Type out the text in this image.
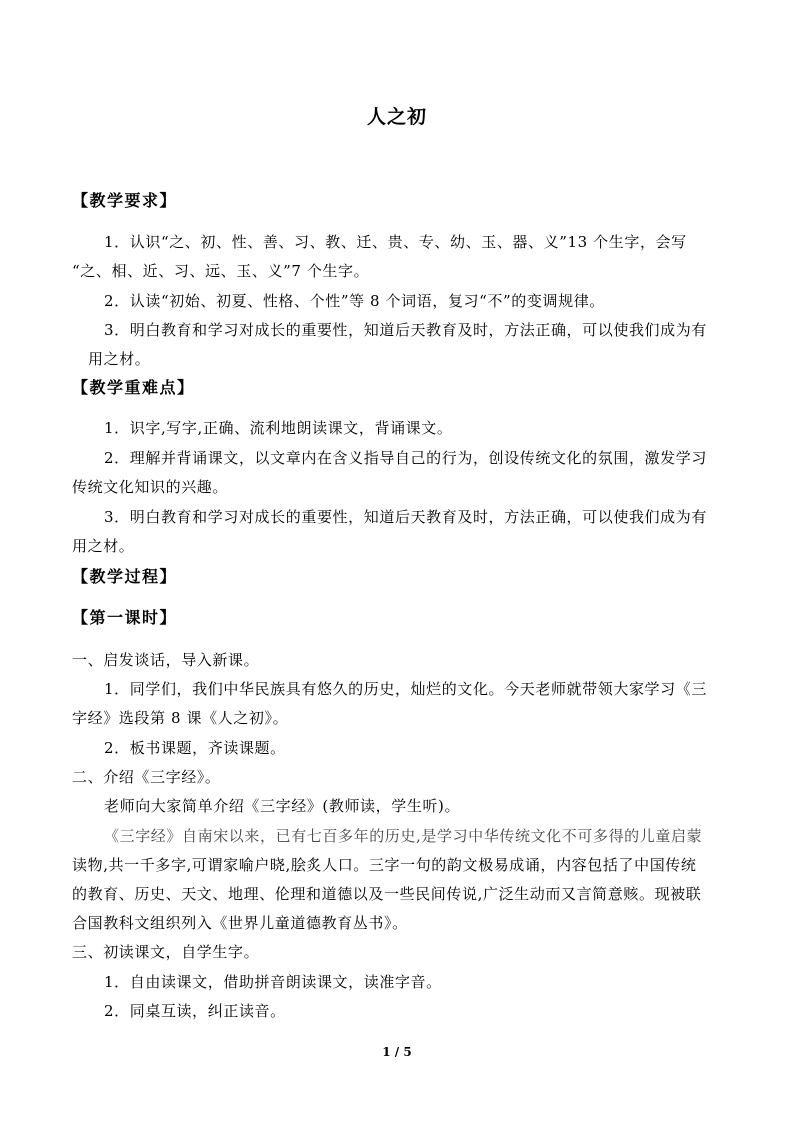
人之初
【教学要求】
1．认识“之、初、性、善、习、教、迁、贵、专、幼、玉、器、义”13 个生字，会写
“之、相、近、习、远、玉、义”7 个生字。
2．认读“初始、初夏、性格、个性”等 8 个词语，复习“不”的变调规律。
3．明白教育和学习对成长的重要性，知道后天教育及时，方法正确，可以使我们成为有
用之材。
【教学重难点】
1．识字,写字,正确、流利地朗读课文，背诵课文。
2．理解并背诵课文，以文章内在含义指导自己的行为，创设传统文化的氛围，激发学习
传统文化知识的兴趣。
3．明白教育和学习对成长的重要性，知道后天教育及时，方法正确，可以使我们成为有
用之材。
【教学过程】
【第一课时】
一、启发谈话，导入新课。
1．同学们，我们中华民族具有悠久的历史，灿烂的文化。今天老师就带领大家学习《三
字经》选段第 8 课《人之初》。
2．板书课题，齐读课题。
二、介绍《三字经》。
老师向大家简单介绍《三字经》(教师读，学生听)。
《三字经》自南宋以来，已有七百多年的历史,是学习中华传统文化不可多得的儿童启蒙
读物,共一千多字,可谓家喻户晓,脍炙人口。三字一句的韵文极易成诵，内容包括了中国传统
的教育、历史、天文、地理、伦理和道德以及一些民间传说,广泛生动而又言简意赅。现被联
合国教科文组织列入《世界儿童道德教育丛书》。
三、初读课文，自学生字。
1．自由读课文，借助拼音朗读课文，读准字音。
2．同桌互读，纠正读音。
1 / 5
